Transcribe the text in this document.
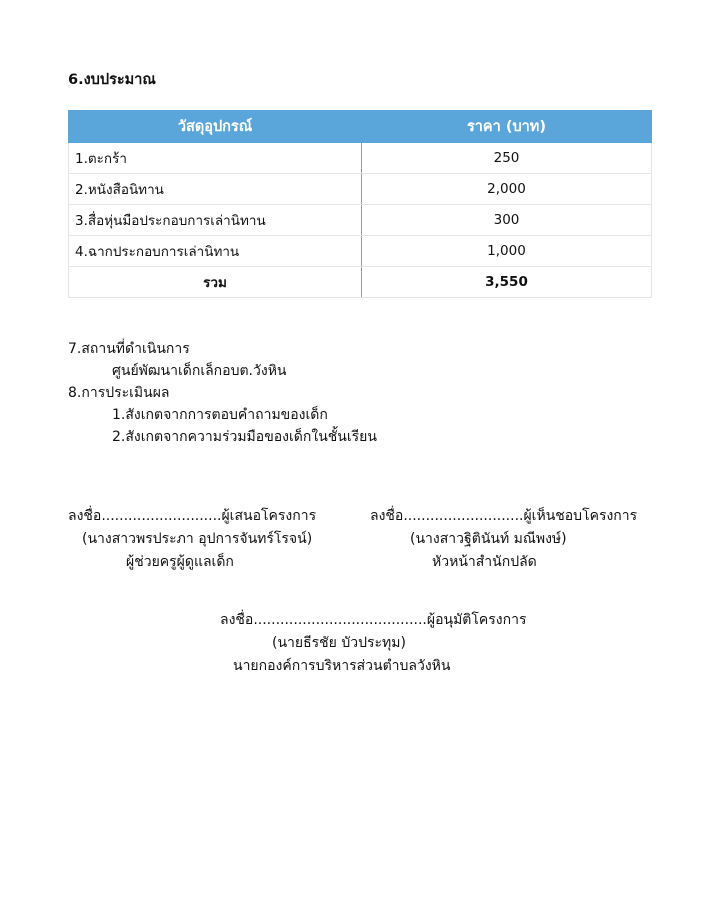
6.งบประมาณ
วัสดุอุปกรณ์	ราคา (บาท)
1.ตะกร้า	250
2.หนังสือนิทาน	2,000
3.สื่อหุ่นมือประกอบการเล่านิทาน	300
4.ฉากประกอบการเล่านิทาน	1,000
รวม	3,550
7.สถานที่ดำเนินการ
ศูนย์พัฒนาเด็กเล็กอบต.วังหิน
8.การประเมินผล
1.สังเกตจากการตอบคำถามของเด็ก
2.สังเกตจากความร่วมมือของเด็กในชั้นเรียน
ลงชื่อ...........................ผู้เสนอโครงการ
(นางสาวพรประภา อุปการจันทร์โรจน์)
ผู้ช่วยครูผู้ดูแลเด็ก
ลงชื่อ...........................ผู้เห็นชอบโครงการ
(นางสาวฐิตินันท์ มณีพงษ์)
หัวหน้าสำนักปลัด
ลงชื่อ.......................................ผู้อนุมัติโครงการ
(นายธีรชัย บัวประทุม)
นายกองค์การบริหารส่วนตำบลวังหิน
